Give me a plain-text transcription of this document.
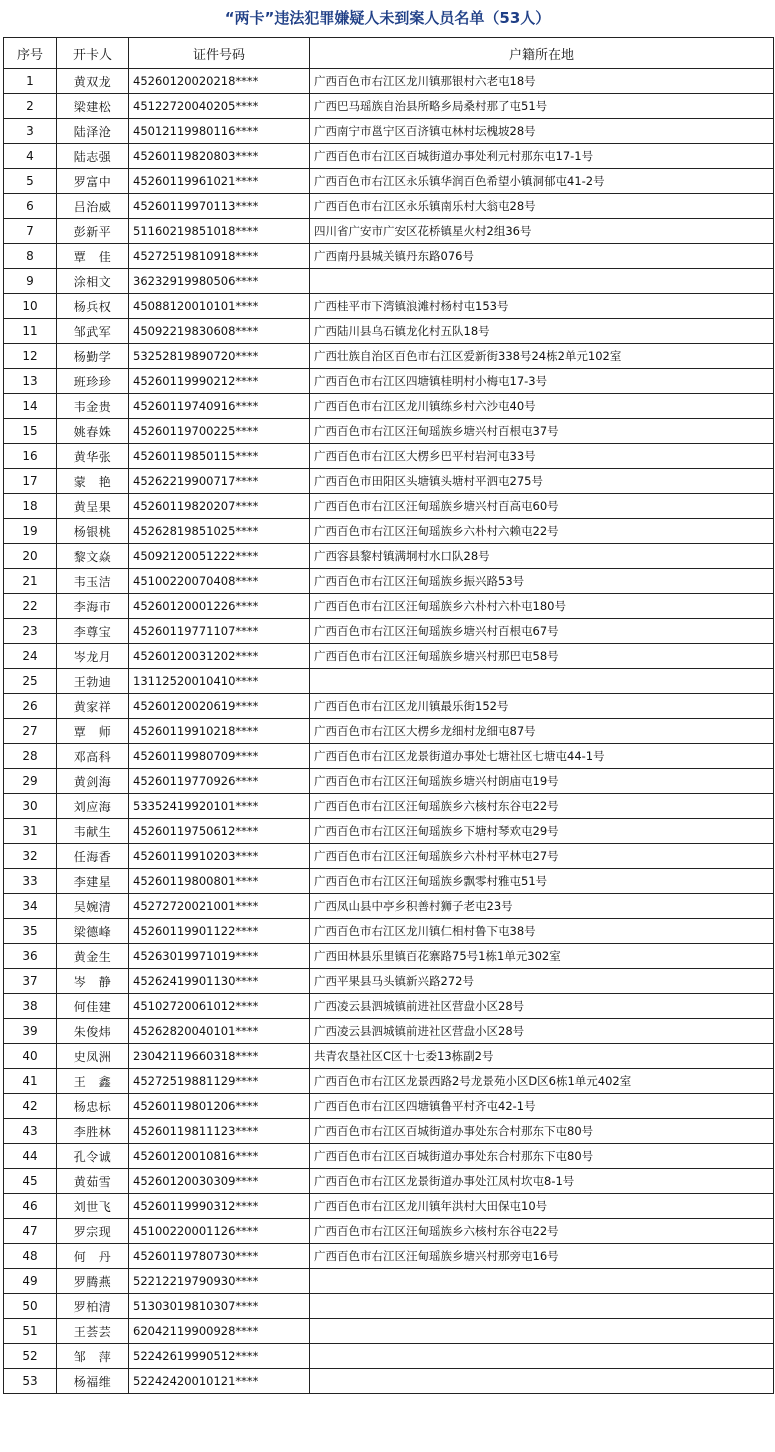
“两卡”违法犯罪嫌疑人未到案人员名单（53人）
序号	开卡人	证件号码	户籍所在地
1	黄双龙	45260120020218****	广西百色市右江区龙川镇那银村六老屯18号
2	梁建松	45122720040205****	广西巴马瑶族自治县所略乡局桑村那了屯51号
3	陆泽沧	45012119980116****	广西南宁市邕宁区百济镇屯林村坛槐坡28号
4	陆志强	45260119820803****	广西百色市右江区百城街道办事处利元村那东屯17-1号
5	罗富中	45260119961021****	广西百色市右江区永乐镇华润百色希望小镇洞郁屯41-2号
6	吕治威	45260119970113****	广西百色市右江区永乐镇南乐村大翁屯28号
7	彭新平	51160219851018****	四川省广安市广安区花桥镇星火村2组36号
8	覃　佳	45272519810918****	广西南丹县城关镇丹东路076号
9	涂相文	36232919980506****	
10	杨兵权	45088120010101****	广西桂平市下湾镇浪滩村杨村屯153号
11	邹武军	45092219830608****	广西陆川县乌石镇龙化村五队18号
12	杨勤学	53252819890720****	广西壮族自治区百色市右江区爱新街338号24栋2单元102室
13	班珍珍	45260119990212****	广西百色市右江区四塘镇桂明村小梅屯17-3号
14	韦金贵	45260119740916****	广西百色市右江区龙川镇练乡村六沙屯40号
15	姚春姝	45260119700225****	广西百色市右江区汪甸瑶族乡塘兴村百根屯37号
16	黄华张	45260119850115****	广西百色市右江区大楞乡巴平村岩河屯33号
17	蒙　艳	45262219900717****	广西百色市田阳区头塘镇头塘村平泗屯275号
18	黄呈果	45260119820207****	广西百色市右江区汪甸瑶族乡塘兴村百高屯60号
19	杨银桃	45262819851025****	广西百色市右江区汪甸瑶族乡六朴村六赖屯22号
20	黎文焱	45092120051222****	广西容县黎村镇满垌村水口队28号
21	韦玉洁	45100220070408****	广西百色市右江区汪甸瑶族乡振兴路53号
22	李海市	45260120001226****	广西百色市右江区汪甸瑶族乡六朴村六朴屯180号
23	李尊宝	45260119771107****	广西百色市右江区汪甸瑶族乡塘兴村百根屯67号
24	岑龙月	45260120031202****	广西百色市右江区汪甸瑶族乡塘兴村那巴屯58号
25	王勃迪	13112520010410****	
26	黄家祥	45260120020619****	广西百色市右江区龙川镇最乐街152号
27	覃　师	45260119910218****	广西百色市右江区大楞乡龙细村龙细屯87号
28	邓高科	45260119980709****	广西百色市右江区龙景街道办事处七塘社区七塘屯44-1号
29	黄剑海	45260119770926****	广西百色市右江区汪甸瑶族乡塘兴村朗庙屯19号
30	刘应海	53352419920101****	广西百色市右江区汪甸瑶族乡六核村东谷屯22号
31	韦献生	45260119750612****	广西百色市右江区汪甸瑶族乡下塘村琴欢屯29号
32	任海香	45260119910203****	广西百色市右江区汪甸瑶族乡六朴村平林屯27号
33	李建星	45260119800801****	广西百色市右江区汪甸瑶族乡飘零村雅屯51号
34	吴婉清	45272720021001****	广西凤山县中亭乡积善村狮子老屯23号
35	梁德峰	45260119901122****	广西百色市右江区龙川镇仁相村鲁下屯38号
36	黄金生	45263019971019****	广西田林县乐里镇百花寨路75号1栋1单元302室
37	岑　静	45262419901130****	广西平果县马头镇新兴路272号
38	何佳建	45102720061012****	广西凌云县泗城镇前进社区营盘小区28号
39	朱俊炜	45262820040101****	广西凌云县泗城镇前进社区营盘小区28号
40	史凤洲	23042119660318****	共青农垦社区C区十七委13栋副2号
41	王　鑫	45272519881129****	广西百色市右江区龙景西路2号龙景苑小区D区6栋1单元402室
42	杨忠标	45260119801206****	广西百色市右江区四塘镇鲁平村齐屯42-1号
43	李胜林	45260119811123****	广西百色市右江区百城街道办事处东合村那东下屯80号
44	孔令诚	45260120010816****	广西百色市右江区百城街道办事处东合村那东下屯80号
45	黄茹雪	45260120030309****	广西百色市右江区龙景街道办事处江凤村坎屯8-1号
46	刘世飞	45260119990312****	广西百色市右江区龙川镇年洪村大田保屯10号
47	罗宗现	45100220001126****	广西百色市右江区汪甸瑶族乡六核村东谷屯22号
48	何　丹	45260119780730****	广西百色市右江区汪甸瑶族乡塘兴村那旁屯16号
49	罗腾燕	52212219790930****	
50	罗柏清	51303019810307****	
51	王荟芸	62042119900928****	
52	邹　萍	52242619990512****	
53	杨福维	52242420010121****	
